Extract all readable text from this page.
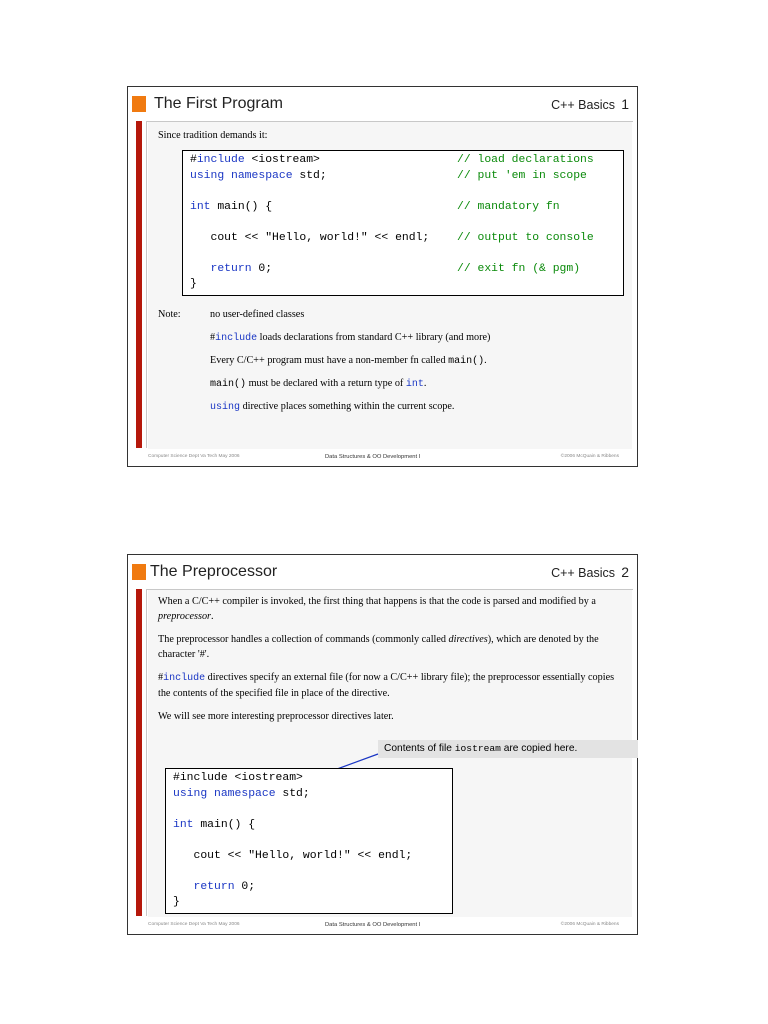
The First Program	C++ Basics 1
Since tradition demands it:
#include <iostream>	// load declarations
using namespace std;	// put 'em in scope
int main() {	// mandatory fn
cout << "Hello, world!" << endl; // output to console
return 0;	// exit fn (& pgm)
}
Note:	no user-defined classes
#include loads declarations from standard C++ library (and more)
Every C/C++ program must have a non-member fn called main().
main() must be declared with a return type of int.
using directive places something within the current scope.
Computer Science Dept Va Tech May 2006	Data Structures & OO Development I	©2006 McQuain & Ribbens
The Preprocessor	C++ Basics 2

When a C/C++ compiler is invoked, the first thing that happens is that the code is parsed and modified by a preprocessor.

The preprocessor handles a collection of commands (commonly called directives), which are denoted by the character '#'.

#include directives specify an external file (for now a C/C++ library file); the preprocessor essentially copies the contents of the specified file in place of the directive.

We will see more interesting preprocessor directives later.

Contents of file iostream are copied here.
#include <iostream>
using namespace std;
int main() {
cout << "Hello, world!" << endl;
return 0;
}
Computer Science Dept Va Tech May 2006	Data Structures & OO Development I	©2006 McQuain & Ribbens
